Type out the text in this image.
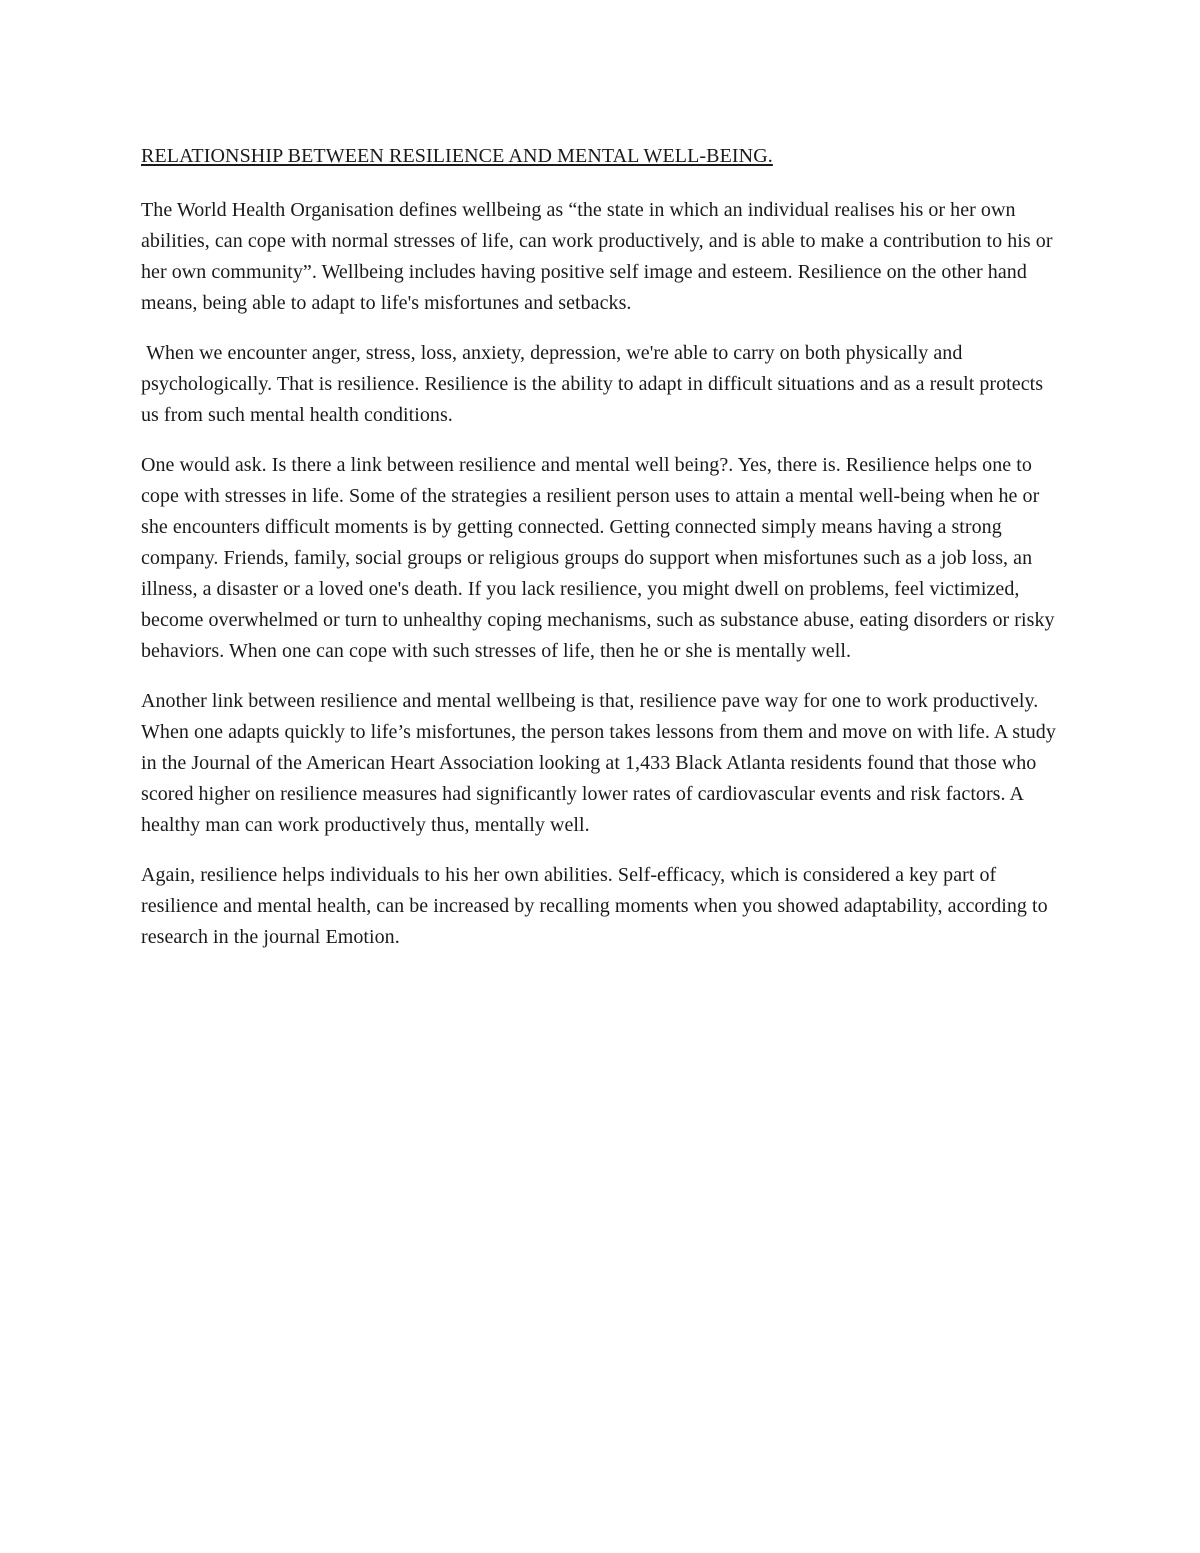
RELATIONSHIP BETWEEN RESILIENCE AND MENTAL WELL-BEING.

The World Health Organisation defines wellbeing as “the state in which an individual realises his or her own abilities, can cope with normal stresses of life, can work productively, and is able to make a contribution to his or her own community”. Wellbeing includes having positive self image and esteem. Resilience on the other hand means, being able to adapt to life's misfortunes and setbacks.

When we encounter anger, stress, loss, anxiety, depression, we're able to carry on both physically and psychologically. That is resilience. Resilience is the ability to adapt in difficult situations and as a result protects us from such mental health conditions.

One would ask. Is there a link between resilience and mental well being?. Yes, there is. Resilience helps one to cope with stresses in life. Some of the strategies a resilient person uses to attain a mental well-being when he or she encounters difficult moments is by getting connected. Getting connected simply means having a strong company. Friends, family, social groups or religious groups do support when misfortunes such as a job loss, an illness, a disaster or a loved one's death. If you lack resilience, you might dwell on problems, feel victimized, become overwhelmed or turn to unhealthy coping mechanisms, such as substance abuse, eating disorders or risky behaviors. When one can cope with such stresses of life, then he or she is mentally well.

Another link between resilience and mental wellbeing is that, resilience pave way for one to work productively. When one adapts quickly to life’s misfortunes, the person takes lessons from them and move on with life. A study in the Journal of the American Heart Association looking at 1,433 Black Atlanta residents found that those who scored higher on resilience measures had significantly lower rates of cardiovascular events and risk factors. A healthy man can work productively thus, mentally well.

Again, resilience helps individuals to his her own abilities. Self-efficacy, which is considered a key part of resilience and mental health, can be increased by recalling moments when you showed adaptability, according to research in the journal Emotion.
